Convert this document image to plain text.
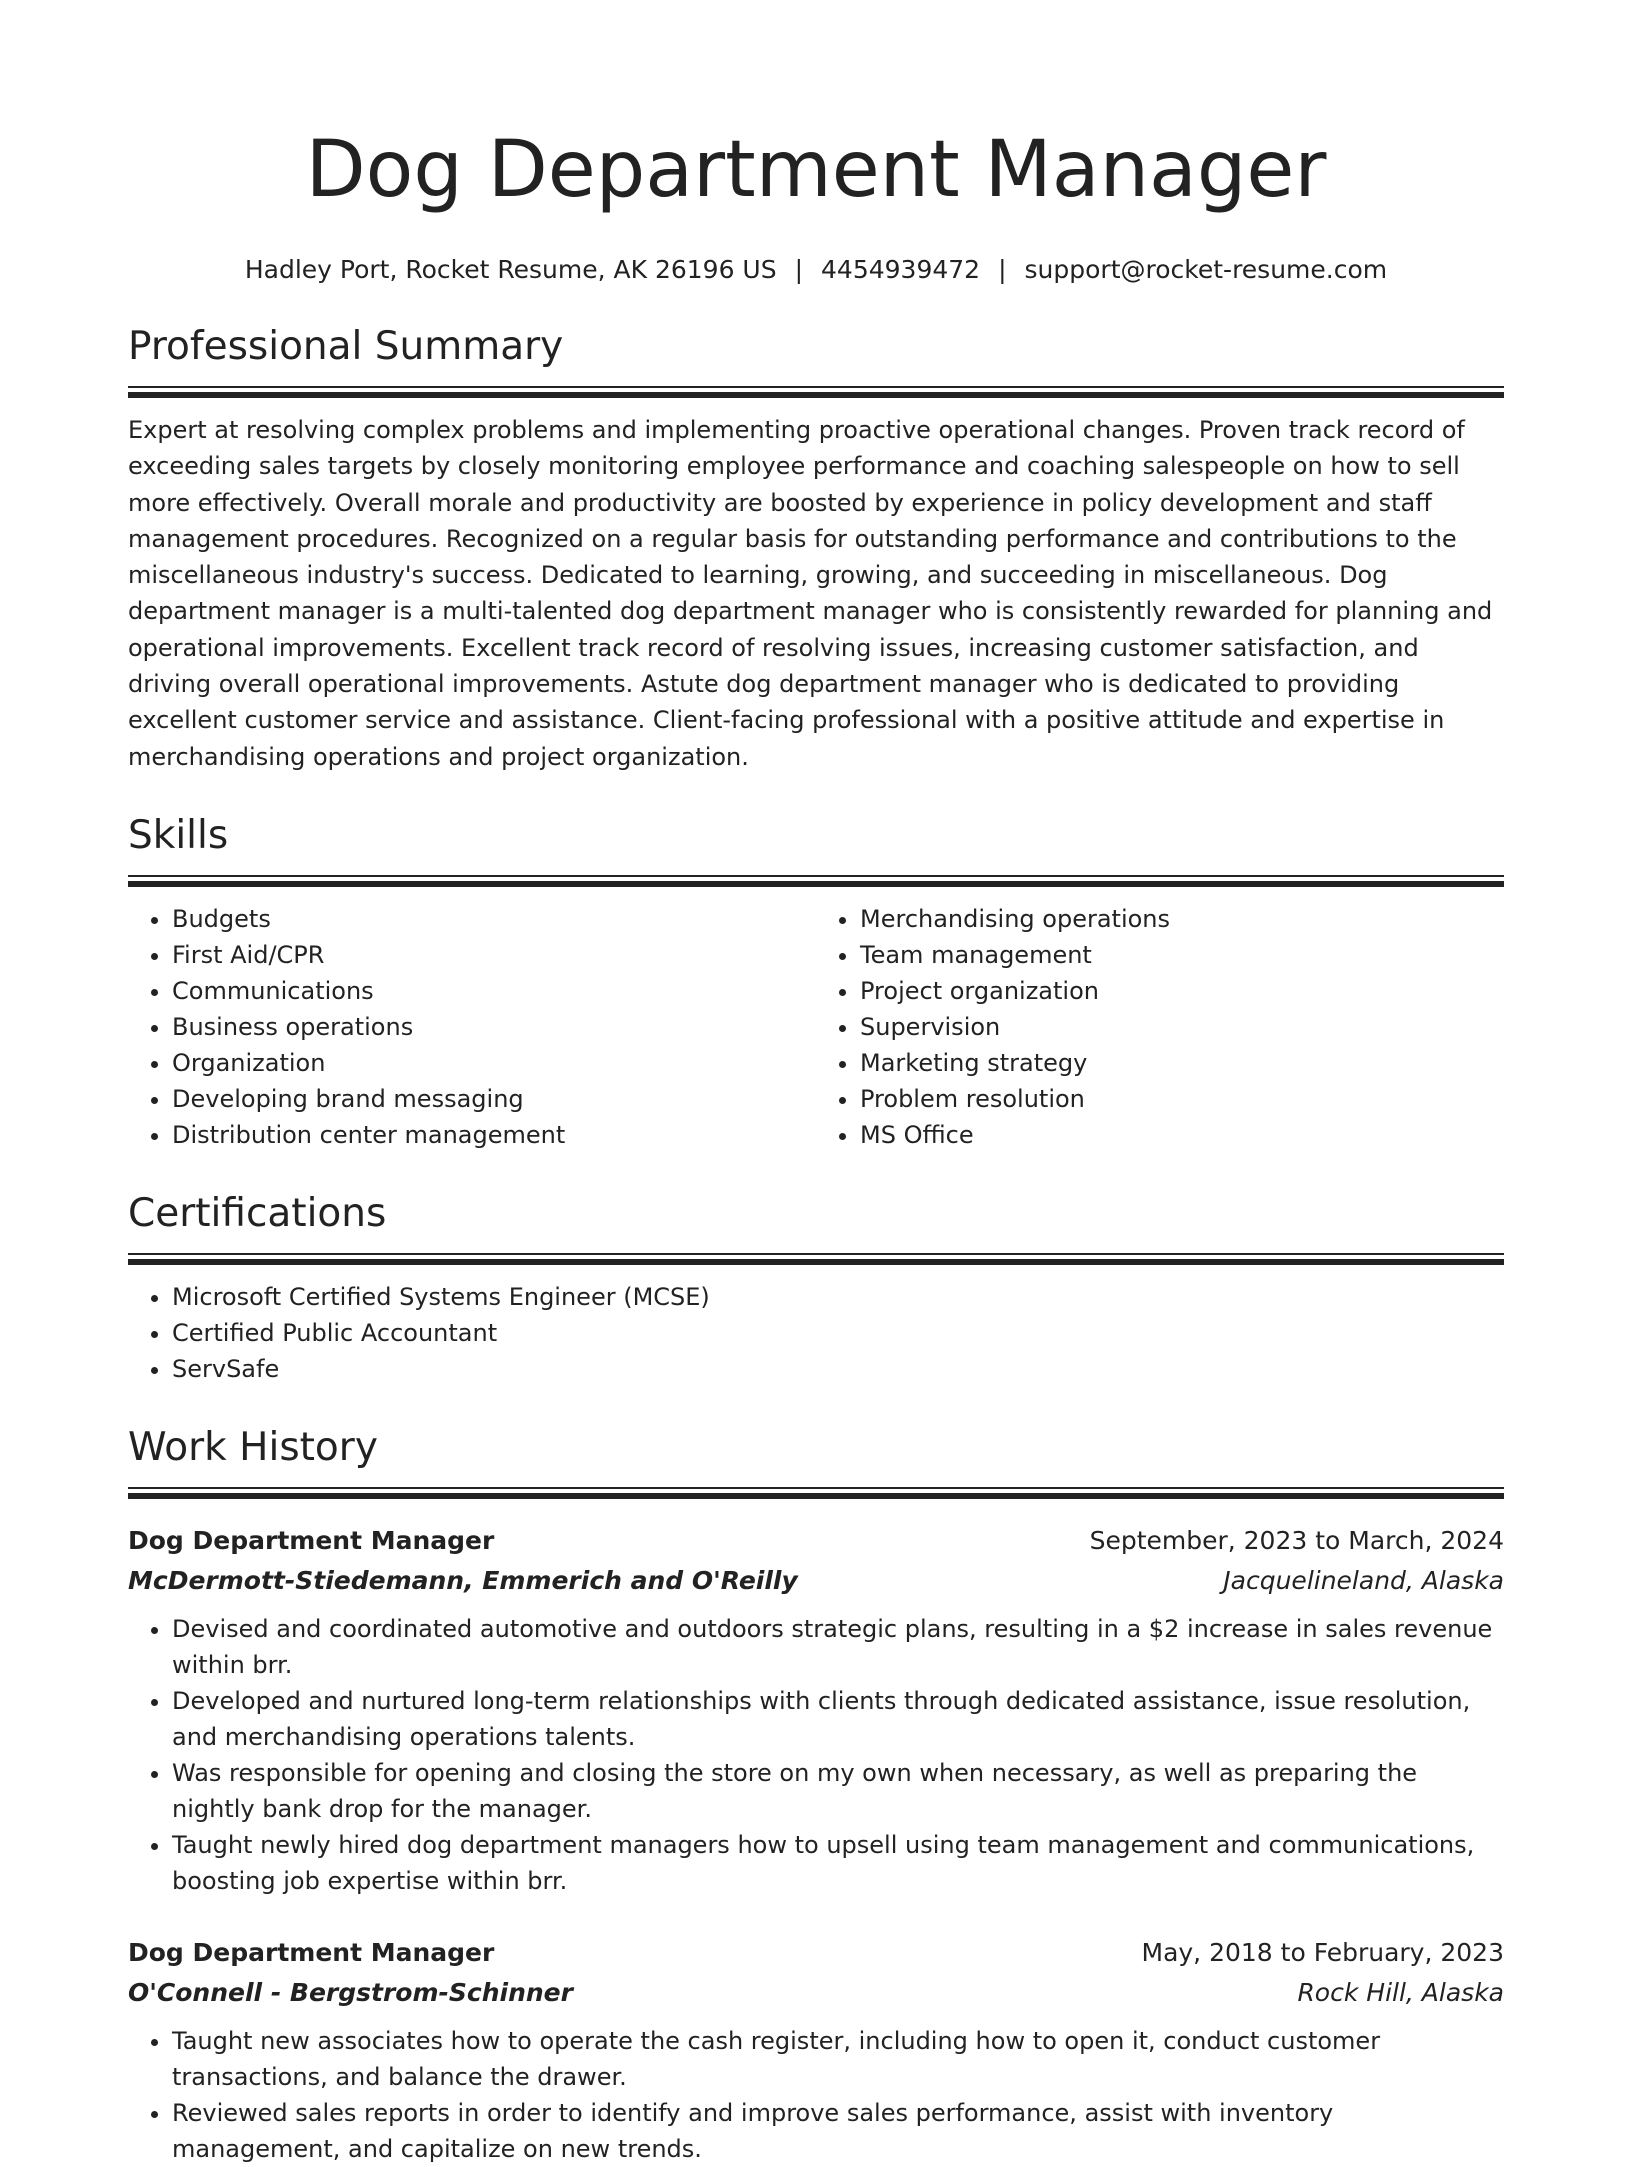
Dog Department Manager
Hadley Port, Rocket Resume, AK 26196 US | 4454939472 | support@rocket-resume.com
Professional Summary

Expert at resolving complex problems and implementing proactive operational changes. Proven track record of exceeding sales targets by closely monitoring employee performance and coaching salespeople on how to sell more effectively. Overall morale and productivity are boosted by experience in policy development and staff management procedures. Recognized on a regular basis for outstanding performance and contributions to the miscellaneous industry's success. Dedicated to learning, growing, and succeeding in miscellaneous. Dog department manager is a multi-talented dog department manager who is consistently rewarded for planning and operational improvements. Excellent track record of resolving issues, increasing customer satisfaction, and driving overall operational improvements. Astute dog department manager who is dedicated to providing excellent customer service and assistance. Client-facing professional with a positive attitude and expertise in merchandising operations and project organization.

Skills
• Budgets
• First Aid/CPR
• Communications
• Business operations
• Organization
• Developing brand messaging
• Distribution center management
• Merchandising operations
• Team management
• Project organization
• Supervision
• Marketing strategy
• Problem resolution
• MS Office
Certifications
• Microsoft Certified Systems Engineer (MCSE)
• Certified Public Accountant
• ServSafe
Work History
Dog Department Manager	September, 2023 to March, 2024
McDermott-Stiedemann, Emmerich and O'Reilly	Jacquelineland, Alaska
• Devised and coordinated automotive and outdoors strategic plans, resulting in a $2 increase in sales revenue within brr.
• Developed and nurtured long-term relationships with clients through dedicated assistance, issue resolution, and merchandising operations talents.
• Was responsible for opening and closing the store on my own when necessary, as well as preparing the nightly bank drop for the manager.
• Taught newly hired dog department managers how to upsell using team management and communications, boosting job expertise within brr.
Dog Department Manager	May, 2018 to February, 2023
O'Connell - Bergstrom-Schinner	Rock Hill, Alaska
• Taught new associates how to operate the cash register, including how to open it, conduct customer transactions, and balance the drawer.
• Reviewed sales reports in order to identify and improve sales performance, assist with inventory management, and capitalize on new trends.
